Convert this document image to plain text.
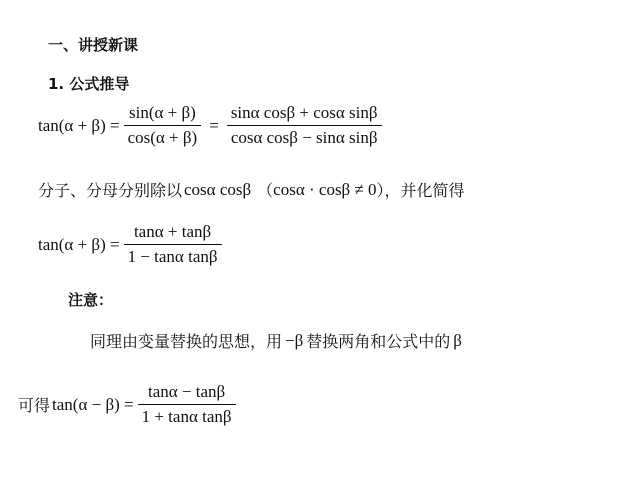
一、讲授新课
1. 公式推导
$\tan(\alpha + \beta) = \frac{\sin(\alpha + \beta)}{\cos(\alpha + \beta)} = \frac{\text{sinα cosβ + cosα sinβ}}{\text{cosα cosβ − sinα sinβ}}$
分子、分母分别除以 cosα cosβ （ cosα · cosβ ≠ 0 ），并化简得
$\tan(\alpha + \beta) = \frac{\tan\alpha + \tan\beta}{\text{1 − tanα tanβ}}$
注意：
同理由变量替换的思想，用 −β 替换两角和公式中的 β
可得 $\tan(\alpha - \beta) = \frac{\tan\alpha - \tan\beta}{\text{1 + tanα tanβ}}$
